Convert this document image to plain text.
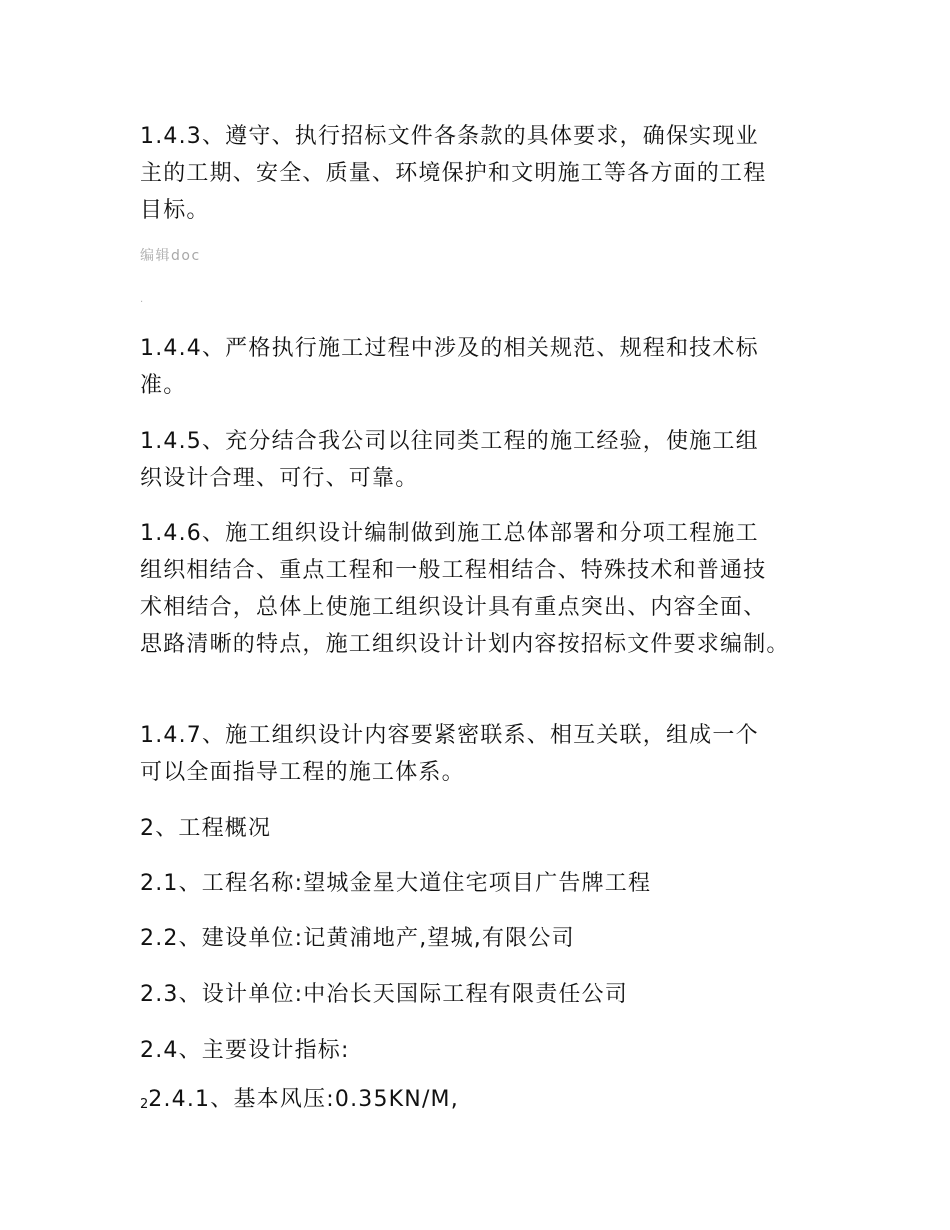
1.4.3、遵守、执行招标文件各条款的具体要求，确保实现业
主的工期、安全、质量、环境保护和文明施工等各方面的工程
目标。

编辑doc
.

1.4.4、严格执行施工过程中涉及的相关规范、规程和技术标
准。

1.4.5、充分结合我公司以往同类工程的施工经验，使施工组
织设计合理、可行、可靠。

1.4.6、施工组织设计编制做到施工总体部署和分项工程施工
组织相结合、重点工程和一般工程相结合、特殊技术和普通技
术相结合，总体上使施工组织设计具有重点突出、内容全面、
思路清晰的特点，施工组织设计计划内容按招标文件要求编制。

1.4.7、施工组织设计内容要紧密联系、相互关联，组成一个
可以全面指导工程的施工体系。

2、工程概况

2.1、工程名称:望城金星大道住宅项目广告牌工程

2.2、建设单位:记黄浦地产,望城,有限公司

2.3、设计单位:中冶长天国际工程有限责任公司

2.4、主要设计指标:

22.4.1、基本风压:0.35KN/M,
